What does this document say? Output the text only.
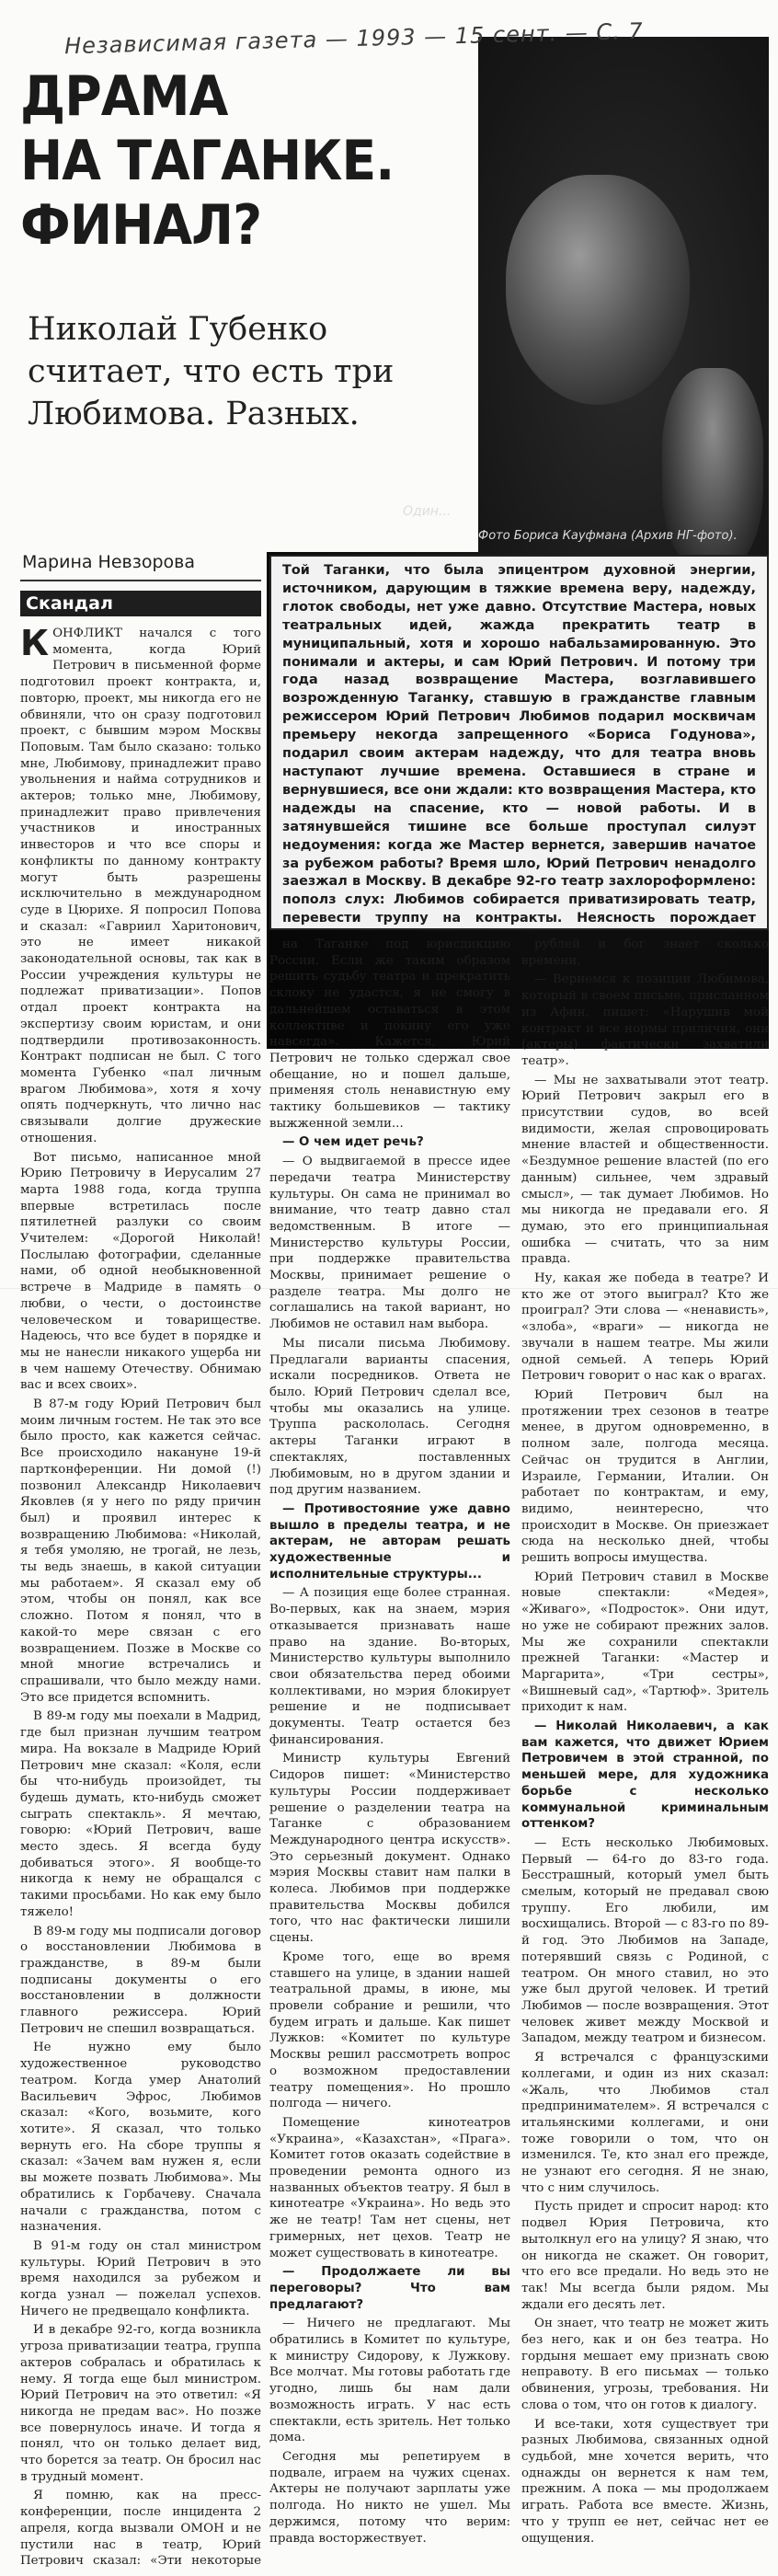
Один...
Фото Бориса Кауфмана (Архив НГ-фото).
Независимая газета — 1993 — 15 сент. — С. 7
ДРАМА
НА ТАГАНКЕ.
ФИНАЛ?
Николай Губенко считает, что есть три Любимова. Разных.
Марина Невзорова
Скандал
Той Таганки, что была эпицентром духовной энергии, источником, дарующим в тяжкие времена веру, надежду, глоток свободы, нет уже давно. Отсутствие Мастера, новых театральных идей, жажда прекратить театр в муниципальный, хотя и хорошо набальзамированную. Это понимали и актеры, и сам Юрий Петрович. И потому три года назад возвращение Мастера, возглавившего возрожденную Таганку, ставшую в гражданстве главным режиссером Юрий Петрович Любимов подарил москвичам премьеру некогда запрещенного «Бориса Годунова», подарил своим актерам надежду, что для театра вновь наступают лучшие времена. Оставшиеся в стране и вернувшиеся, все они ждали: кто возвращения Мастера, кто надежды на спасение, кто — новой работы. И в затянувшейся тишине все больше проступал силуэт недоумения: когда же Мастер вернется, завершив начатое за рубежом работы? Время шло, Юрий Петрович ненадолго заезжал в Москву. В декабре 92-го театр захлороформлено: пополз слух: Любимов собирается приватизировать театр, перевести труппу на контракты. Неясность порождает

КОНФЛИКТ начался с того момента, когда Юрий Петрович в письменной форме подготовил проект контракта, и, повторю, проект, мы никогда его не обвиняли, что он сразу подготовил проект, с бывшим мэром Москвы Поповым. Там было сказано: только мне, Любимову, принадлежит право увольнения и найма сотрудников и актеров; только мне, Любимову, принадлежит право привлечения участников и иностранных инвесторов и что все споры и конфликты по данному контракту могут быть разрешены исключительно в международном суде в Цюрихе. Я попросил Попова и сказал: «Гавриил Харитонович, это не имеет никакой законодательной основы, так как в России учреждения культуры не подлежат приватизации». Попов отдал проект контракта на экспертизу своим юристам, и они подтвердили противозаконность. Контракт подписан не был. С того момента Губенко «пал личным врагом Любимова», хотя я хочу опять подчеркнуть, что лично нас связывали долгие дружеские отношения.

Вот письмо, написанное мной Юрию Петровичу в Иерусалим 27 марта 1988 года, когда труппа впервые встретилась после пятилетней разлуки со своим Учителем: «Дорогой Николай! Послылаю фотографии, сделанные нами, об одной необыкновенной встрече в Мадриде в память о любви, о чести, о достоинстве человеческом и товариществе. Надеюсь, что все будет в порядке и мы не нанесли никакого ущерба ни в чем нашему Отечеству. Обнимаю вас и всех своих».

В 87-м году Юрий Петрович был моим личным гостем. Не так это все было просто, как кажется сейчас. Все происходило накануне 19-й партконференции. Ни домой (!) позвонил Александр Николаевич Яковлев (я у него по ряду причин был) и проявил интерес к возвращению Любимова: «Николай, я тебя умоляю, не трогай, не лезь, ты ведь знаешь, в какой ситуации мы работаем». Я сказал ему об этом, чтобы он понял, как все сложно. Потом я понял, что в какой-то мере связан с его возвращением. Позже в Москве со мной многие встречались и спрашивали, что было между нами. Это все придется вспомнить.

В 89-м году мы поехали в Мадрид, где был признан лучшим театром мира. На вокзале в Мадриде Юрий Петрович мне сказал: «Коля, если бы что-нибудь произойдет, ты будешь думать, кто-нибудь сможет сыграть спектакль». Я мечтаю, говорю: «Юрий Петрович, ваше место здесь. Я всегда буду добиваться этого». Я вообще-то никогда к нему не обращался с такими просьбами. Но как ему было тяжело!

В 89-м году мы подписали договор о восстановлении Любимова в гражданстве, в 89-м были подписаны документы о его восстановлении в должности главного режиссера. Юрий Петрович не спешил возвращаться.

Не нужно ему было художественное руководство театром. Когда умер Анатолий Васильевич Эфрос, Любимов сказал: «Кого, возьмите, кого хотите». Я сказал, что только вернуть его. На сборе труппы я сказал: «Зачем вам нужен я, если вы можете позвать Любимова». Мы обратились к Горбачеву. Сначала начали с гражданства, потом с назначения.

В 91-м году он стал министром культуры. Юрий Петрович в это время находился за рубежом и когда узнал — пожелал успехов. Ничего не предвещало конфликта.

И в декабре 92-го, когда возникла угроза приватизации театра, группа актеров собралась и обратилась к нему. Я тогда еще был министром. Юрий Петрович на это ответил: «Я никогда не предам вас». Но позже все повернулось иначе. И тогда я понял, что он только делает вид, что борется за театр. Он бросил нас в трудный момент.

Я помню, как на пресс-конференции, после инцидента 2 апреля, когда вызвали ОМОН и не пустили нас в театр, Юрий Петрович сказал: «Эти некоторые

на Таганке под юрисдикцию России. Если же таким образом решить судьбу театра и прекратить склоку не удастся, я не смогу в дальнейшем оставаться в этом коллективе и покину его уже навсегда». Кажется, Юрий Петрович не только сдержал свое обещание, но и пошел дальше, применяя столь ненавистную ему тактику большевиков — тактику выжженной земли...

— О чем идет речь?

— О выдвигаемой в прессе идее передачи театра Министерству культуры. Он сама не принимал во внимание, что театр давно стал ведомственным. В итоге — Министерство культуры России, при поддержке правительства Москвы, принимает решение о разделе театра. Мы долго не соглашались на такой вариант, но Любимов не оставил нам выбора.

Мы писали письма Любимову. Предлагали варианты спасения, искали посредников. Ответа не было. Юрий Петрович сделал все, чтобы мы оказались на улице. Труппа раскололась. Сегодня актеры Таганки играют в спектаклях, поставленных Любимовым, но в другом здании и под другим названием.

— Противостояние уже давно вышло в пределы театра, и не актерам, не авторам решать художественные и исполнительные структуры...

— А позиция еще более странная. Во-первых, как на знаем, мэрия отказывается признавать наше право на здание. Во-вторых, Министерство культуры выполнило свои обязательства перед обоими коллективами, но мэрия блокирует решение и не подписывает документы. Театр остается без финансирования.

Министр культуры Евгений Сидоров пишет: «Министерство культуры России поддерживает решение о разделении театра на Таганке с образованием Международного центра искусств». Это серьезный документ. Однако мэрия Москвы ставит нам палки в колеса. Любимов при поддержке правительства Москвы добился того, что нас фактически лишили сцены.

Кроме того, еще во время ставшего на улице, в здании нашей театральной драмы, в июне, мы провели собрание и решили, что будем играть и дальше. Как пишет Лужков: «Комитет по культуре Москвы решил рассмотреть вопрос о возможном предоставлении театру помещения». Но прошло полгода — ничего.

Помещение кинотеатров «Украина», «Казахстан», «Прага». Комитет готов оказать содействие в проведении ремонта одного из названных объектов театру. Я был в кинотеатре «Украина». Но ведь это же не театр! Там нет сцены, нет гримерных, нет цехов. Театр не может существовать в кинотеатре.

— Продолжаете ли вы переговоры? Что вам предлагают?

— Ничего не предлагают. Мы обратились в Комитет по культуре, к министру Сидорову, к Лужкову. Все молчат. Мы готовы работать где угодно, лишь бы нам дали возможность играть. У нас есть спектакли, есть зритель. Нет только дома.

Сегодня мы репетируем в подвале, играем на чужих сценах. Актеры не получают зарплаты уже полгода. Но никто не ушел. Мы держимся, потому что верим: правда восторжествует.

рублей и бог знает сколько времени.

— Вернемся к позиции Любимова, который в своем письме, присланном из Афин, пишет: «Нарушив мой контракт и все нормы приличия, они (актеры) фактически захватили театр».

— Мы не захватывали этот театр. Юрий Петрович закрыл его в присутствии судов, во всей видимости, желая спровоцировать мнение властей и общественности. «Бездумное решение властей (по его данным) сильнее, чем здравый смысл», — так думает Любимов. Но мы никогда не предавали его. Я думаю, это его принципиальная ошибка — считать, что за ним правда.

Ну, какая же победа в театре? И кто же от этого выиграл? Кто же проиграл? Эти слова — «ненависть», «злоба», «враги» — никогда не звучали в нашем театре. Мы жили одной семьей. А теперь Юрий Петрович говорит о нас как о врагах.

Юрий Петрович был на протяжении трех сезонов в театре менее, в другом одновременно, в полном зале, полгода месяца. Сейчас он трудится в Англии, Израиле, Германии, Италии. Он работает по контрактам, и ему, видимо, неинтересно, что происходит в Москве. Он приезжает сюда на несколько дней, чтобы решить вопросы имущества.

Юрий Петрович ставил в Москве новые спектакли: «Медея», «Живаго», «Подросток». Они идут, но уже не собирают прежних залов. Мы же сохранили спектакли прежней Таганки: «Мастер и Маргарита», «Три сестры», «Вишневый сад», «Тартюф». Зритель приходит к нам.

— Николай Николаевич, а как вам кажется, что движет Юрием Петровичем в этой странной, по меньшей мере, для художника борьбе с несколько коммунальной криминальным оттенком?

— Есть несколько Любимовых. Первый — 64-го до 83-го года. Бесстрашный, который умел быть смелым, который не предавал свою труппу. Его любили, им восхищались. Второй — с 83-го по 89-й год. Это Любимов на Западе, потерявший связь с Родиной, с театром. Он много ставил, но это уже был другой человек. И третий Любимов — после возвращения. Этот человек живет между Москвой и Западом, между театром и бизнесом.

Я встречался с французскими коллегами, и один из них сказал: «Жаль, что Любимов стал предпринимателем». Я встречался с итальянскими коллегами, и они тоже говорили о том, что он изменился. Те, кто знал его прежде, не узнают его сегодня. Я не знаю, что с ним случилось.

Пусть придет и спросит народ: кто подвел Юрия Петровича, кто вытолкнул его на улицу? Я знаю, что он никогда не скажет. Он говорит, что его все предали. Но ведь это не так! Мы всегда были рядом. Мы ждали его десять лет.

Он знает, что театр не может жить без него, как и он без театра. Но гордыня мешает ему признать свою неправоту. В его письмах — только обвинения, угрозы, требования. Ни слова о том, что он готов к диалогу.

И все-таки, хотя существует три разных Любимова, связанных одной судьбой, мне хочется верить, что однажды он вернется к нам тем, прежним. А пока — мы продолжаем играть. Работа все вместе. Жизнь, что у трупп ее нет, сейчас нет ее ощущения.
